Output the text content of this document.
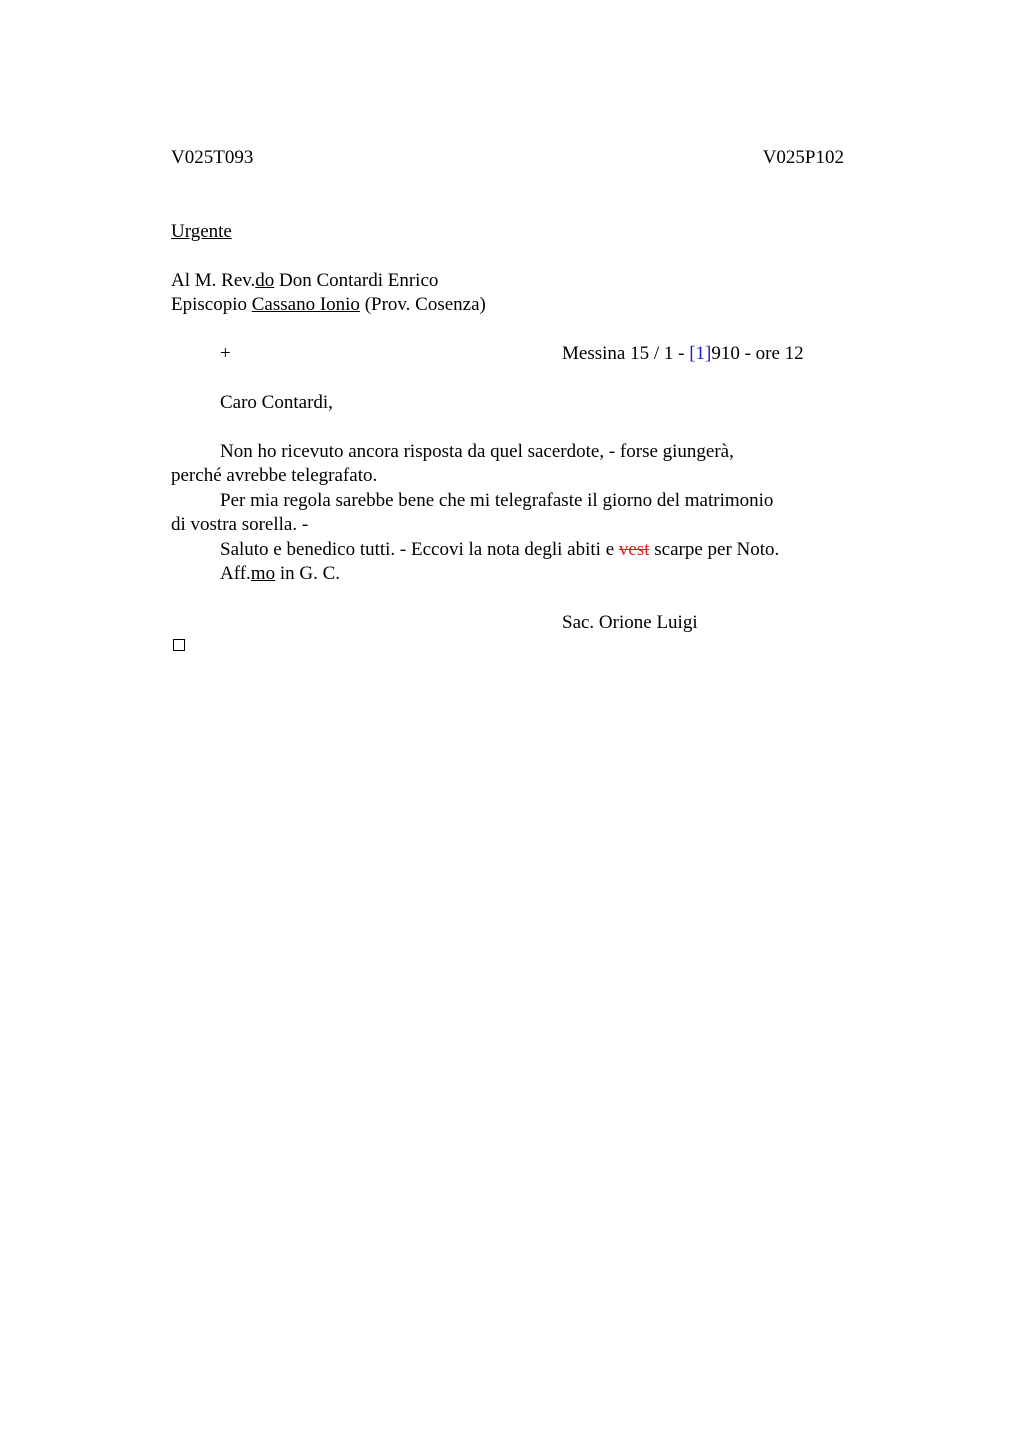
V025T093	V025P102
Urgente
Al M. Rev.do Don Contardi Enrico
Episcopio Cassano Ionio (Prov. Cosenza)
+	Messina 15 / 1 - [1]910 - ore 12
Caro Contardi,
Non ho ricevuto ancora risposta da quel sacerdote, - forse giungerà,
perché avrebbe telegrafato.
Per mia regola sarebbe bene che mi telegrafaste il giorno del matrimonio
di vostra sorella. -
Saluto e benedico tutti. - Eccovi la nota degli abiti e vest scarpe per Noto.
Aff.mo in G. C.
Sac. Orione Luigi
